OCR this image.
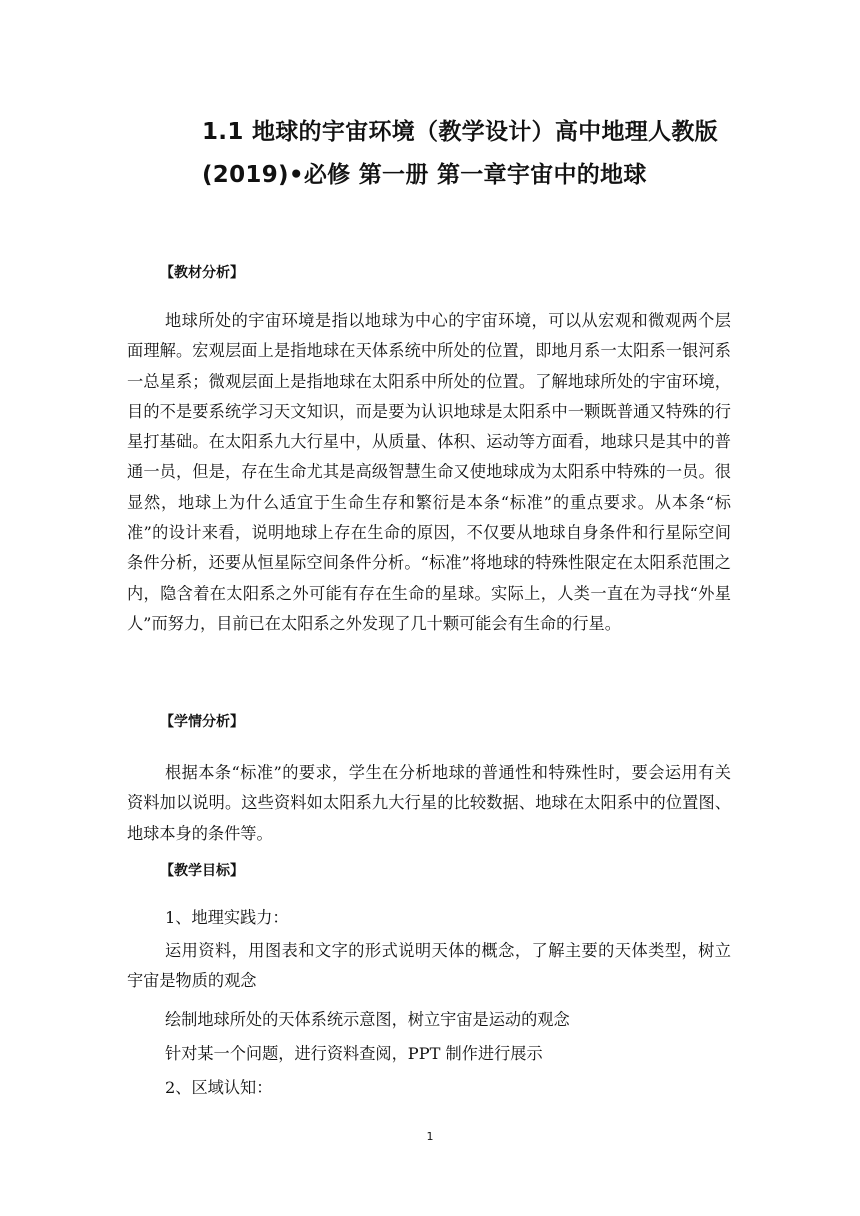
1.1 地球的宇宙环境（教学设计）高中地理人教版
(2019)•必修 第一册 第一章宇宙中的地球
【教材分析】
地球所处的宇宙环境是指以地球为中心的宇宙环境，可以从宏观和微观两个层面理解。宏观层面上是指地球在天体系统中所处的位置，即地月系一太阳系一银河系一总星系；微观层面上是指地球在太阳系中所处的位置。了解地球所处的宇宙环境，目的不是要系统学习天文知识，而是要为认识地球是太阳系中一颗既普通又特殊的行星打基础。在太阳系九大行星中，从质量、体积、运动等方面看，地球只是其中的普通一员，但是，存在生命尤其是高级智慧生命又使地球成为太阳系中特殊的一员。很显然，地球上为什么适宜于生命生存和繁衍是本条“标准”的重点要求。从本条“标准”的设计来看，说明地球上存在生命的原因，不仅要从地球自身条件和行星际空间条件分析，还要从恒星际空间条件分析。“标准”将地球的特殊性限定在太阳系范围之内，隐含着在太阳系之外可能有存在生命的星球。实际上，人类一直在为寻找“外星人”而努力，目前已在太阳系之外发现了几十颗可能会有生命的行星。
【学情分析】
根据本条“标准”的要求，学生在分析地球的普通性和特殊性时，要会运用有关资料加以说明。这些资料如太阳系九大行星的比较数据、地球在太阳系中的位置图、地球本身的条件等。
【教学目标】
1、地理实践力：
运用资料，用图表和文字的形式说明天体的概念，了解主要的天体类型，树立宇宙是物质的观念
绘制地球所处的天体系统示意图，树立宇宙是运动的观念
针对某一个问题，进行资料查阅，PPT 制作进行展示
2、区域认知：
1
